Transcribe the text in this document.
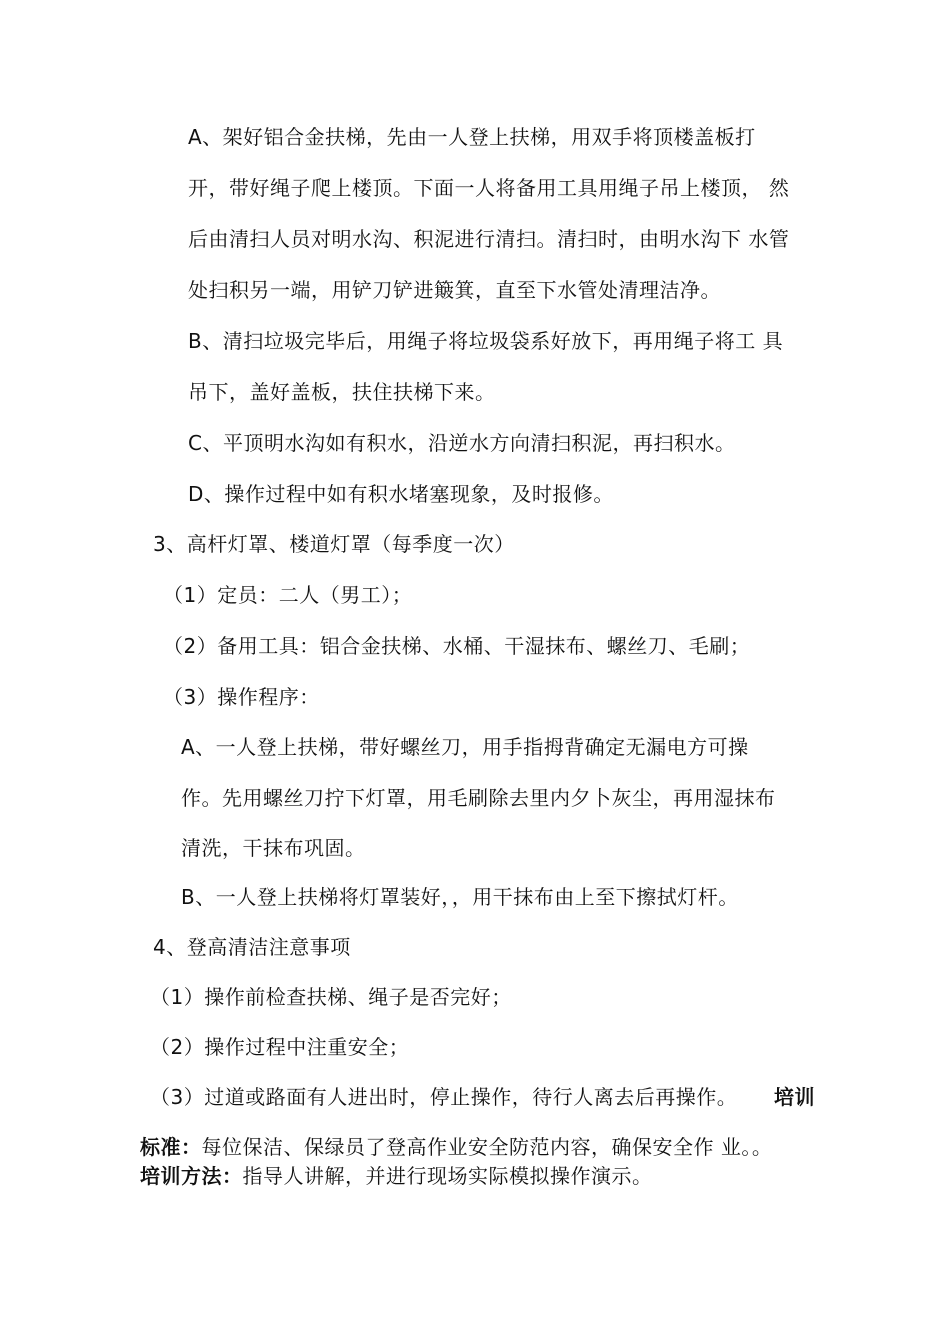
A、架好铝合金扶梯，先由一人登上扶梯，用双手将顶楼盖板打
开，带好绳子爬上楼顶。下面一人将备用工具用绳子吊上楼顶， 然
后由清扫人员对明水沟、积泥进行清扫。清扫时，由明水沟下 水管
处扫积另一端，用铲刀铲进簸箕，直至下水管处清理洁净。
B、清扫垃圾完毕后，用绳子将垃圾袋系好放下，再用绳子将工 具
吊下，盖好盖板，扶住扶梯下来。
C、平顶明水沟如有积水，沿逆水方向清扫积泥，再扫积水。
D、操作过程中如有积水堵塞现象，及时报修。
3、高杆灯罩、楼道灯罩（每季度一次）
（1）定员：二人（男工）；
（2）备用工具：铝合金扶梯、水桶、干湿抹布、螺丝刀、毛刷；
（3）操作程序：
A、一人登上扶梯，带好螺丝刀，用手指拇背确定无漏电方可操
作。先用螺丝刀拧下灯罩，用毛刷除去里内夕卜灰尘，再用湿抹布
清洗，干抹布巩固。
B、一人登上扶梯将灯罩装好，，用干抹布由上至下擦拭灯杆。
4、登高清洁注意事项
（1）操作前检查扶梯、绳子是否完好；
（2）操作过程中注重安全；
（3）过道或路面有人进出时，停止操作，待行人离去后再操作。 培训
标准：每位保洁、保绿员了登高作业安全防范内容，确保安全作 业。。
培训方法：指导人讲解，并进行现场实际模拟操作演示。
